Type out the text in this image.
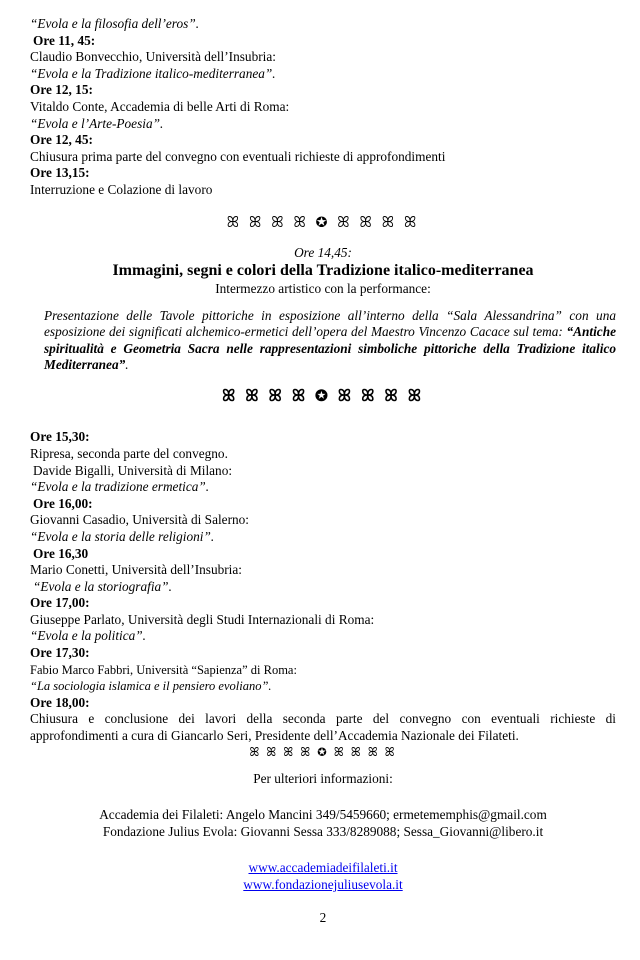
“Evola e la filosofia dell’eros”.
Ore 11, 45:
Claudio Bonvecchio, Università dell’Insubria:
“Evola e la Tradizione italico-mediterranea”.
Ore 12, 15:
Vitaldo Conte, Accademia di belle Arti di Roma:
“Evola e l’Arte-Poesia”.
Ore 12, 45:
Chiusura prima parte del convegno con eventuali richieste di approfondimenti
Ore 13,15:
Interruzione e Colazione di lavoro
ꕤ ꕤ ꕤ ꕤ ✪ ꕤ ꕤ ꕤ ꕤ
Ore 14,45:
Immagini, segni e colori della Tradizione italico-mediterranea
Intermezzo artistico con la performance:
Presentazione delle Tavole pittoriche in esposizione all’interno della “Sala Alessandrina” con una esposizione dei significati alchemico-ermetici dell’opera del Maestro Vincenzo Cacace sul tema: “Antiche spiritualità e Geometria Sacra nelle rappresentazioni simboliche pittoriche della Tradizione italico Mediterranea”.
ꕤ ꕤ ꕤ ꕤ ✪ ꕤ ꕤ ꕤ ꕤ
Ore 15,30:
Ripresa, seconda parte del convegno.
Davide Bigalli, Università di Milano:
“Evola e la tradizione ermetica”.
Ore 16,00:
Giovanni Casadio, Università di Salerno:
“Evola e la storia delle religioni”.
Ore 16,30
Mario Conetti, Università dell’Insubria:
“Evola e la storiografia”.
Ore 17,00:
Giuseppe Parlato, Università degli Studi Internazionali di Roma:
“Evola e la politica”.
Ore 17,30:
Fabio Marco Fabbri, Università “Sapienza” di Roma:
“La sociologia islamica e il pensiero evoliano”.
Ore 18,00:
Chiusura e conclusione dei lavori della seconda parte del convegno con eventuali richieste di approfondimenti a cura di Giancarlo Seri, Presidente dell’Accademia Nazionale dei Filateti.
ꕤ ꕤ ꕤ ꕤ ✪ ꕤ ꕤ ꕤ ꕤ
Per ulteriori informazioni:
Accademia dei Filaleti: Angelo Mancini 349/5459660; ermetememphis@gmail.com
Fondazione Julius Evola: Giovanni Sessa 333/8289088; Sessa_Giovanni@libero.it
www.accademiadeifilaleti.it
www.fondazionejuliusevola.it
2
